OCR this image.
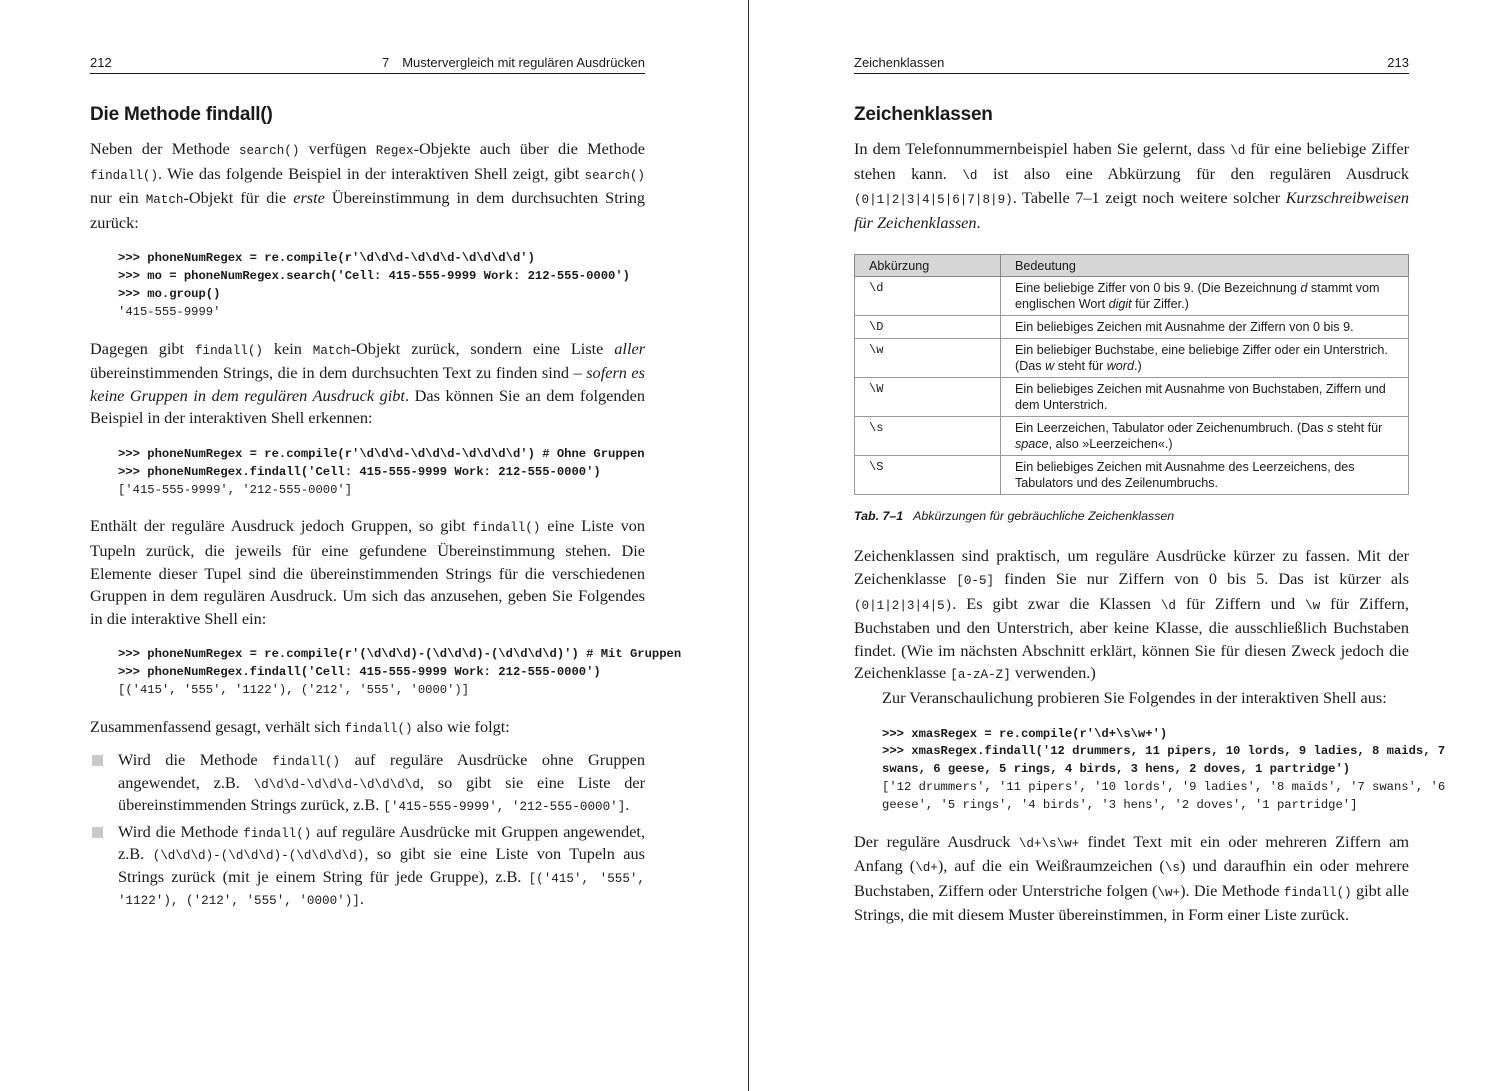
212	7 Mustervergleich mit regulären Ausdrücken
Die Methode findall()

Neben der Methode search() verfügen Regex-Objekte auch über die Methode findall(). Wie das folgende Beispiel in der interaktiven Shell zeigt, gibt search() nur ein Match-Objekt für die erste Übereinstimmung in dem durchsuchten String zurück:

>>> phoneNumRegex = re.compile(r'\d\d\d-\d\d\d-\d\d\d\d')
>>> mo = phoneNumRegex.search('Cell: 415-555-9999 Work: 212-555-0000')
>>> mo.group()
'415-555-9999'

Dagegen gibt findall() kein Match-Objekt zurück, sondern eine Liste aller übereinstimmenden Strings, die in dem durchsuchten Text zu finden sind – sofern es keine Gruppen in dem regulären Ausdruck gibt. Das können Sie an dem folgenden Beispiel in der interaktiven Shell erkennen:

>>> phoneNumRegex = re.compile(r'\d\d\d-\d\d\d-\d\d\d\d') # Ohne Gruppen
>>> phoneNumRegex.findall('Cell: 415-555-9999 Work: 212-555-0000')
['415-555-9999', '212-555-0000']

Enthält der reguläre Ausdruck jedoch Gruppen, so gibt findall() eine Liste von Tupeln zurück, die jeweils für eine gefundene Übereinstimmung stehen. Die Elemente dieser Tupel sind die übereinstimmenden Strings für die verschiedenen Gruppen in dem regulären Ausdruck. Um sich das anzusehen, geben Sie Folgendes in die interaktive Shell ein:

>>> phoneNumRegex = re.compile(r'(\d\d\d)-(\d\d\d)-(\d\d\d\d)') # Mit Gruppen
>>> phoneNumRegex.findall('Cell: 415-555-9999 Work: 212-555-0000')
[('415', '555', '1122'), ('212', '555', '0000')]

Zusammenfassend gesagt, verhält sich findall() also wie folgt:

Wird die Methode findall() auf reguläre Ausdrücke ohne Gruppen angewendet, z.B. \d\d\d-\d\d\d-\d\d\d\d, so gibt sie eine Liste der übereinstimmenden Strings zurück, z.B. ['415-555-9999', '212-555-0000'].
Wird die Methode findall() auf reguläre Ausdrücke mit Gruppen angewendet, z.B. (\d\d\d)-(\d\d\d)-(\d\d\d\d), so gibt sie eine Liste von Tupeln aus Strings zurück (mit je einem String für jede Gruppe), z.B. [('415', '555', '1122'), ('212', '555', '0000')].
Zeichenklassen	213
Zeichenklassen

In dem Telefonnummernbeispiel haben Sie gelernt, dass \d für eine beliebige Ziffer stehen kann. \d ist also eine Abkürzung für den regulären Ausdruck (0|1|2|3|4|5|6|7|8|9). Tabelle 7–1 zeigt noch weitere solcher Kurzschreibweisen für Zeichenklassen.

Abkürzung	Bedeutung
\d	Eine beliebige Ziffer von 0 bis 9. (Die Bezeichnung d stammt vom englischen Wort digit für Ziffer.)
\D	Ein beliebiges Zeichen mit Ausnahme der Ziffern von 0 bis 9.
\w	Ein beliebiger Buchstabe, eine beliebige Ziffer oder ein Unterstrich. (Das w steht für word.)
\W	Ein beliebiges Zeichen mit Ausnahme von Buchstaben, Ziffern und dem Unterstrich.
\s	Ein Leerzeichen, Tabulator oder Zeichenumbruch. (Das s steht für space, also »Leerzeichen«.)
\S	Ein beliebiges Zeichen mit Ausnahme des Leerzeichens, des Tabulators und des Zeilenumbruchs.
Tab. 7–1 Abkürzungen für gebräuchliche Zeichenklassen

Zeichenklassen sind praktisch, um reguläre Ausdrücke kürzer zu fassen. Mit der Zeichenklasse [0-5] finden Sie nur Ziffern von 0 bis 5. Das ist kürzer als (0|1|2|3|4|5). Es gibt zwar die Klassen \d für Ziffern und \w für Ziffern, Buchstaben und den Unterstrich, aber keine Klasse, die ausschließlich Buchstaben findet. (Wie im nächsten Abschnitt erklärt, können Sie für diesen Zweck jedoch die Zeichenklasse [a-zA-Z] verwenden.)

Zur Veranschaulichung probieren Sie Folgendes in der interaktiven Shell aus:

>>> xmasRegex = re.compile(r'\d+\s\w+')
>>> xmasRegex.findall('12 drummers, 11 pipers, 10 lords, 9 ladies, 8 maids, 7
swans, 6 geese, 5 rings, 4 birds, 3 hens, 2 doves, 1 partridge')
['12 drummers', '11 pipers', '10 lords', '9 ladies', '8 maids', '7 swans', '6
geese', '5 rings', '4 birds', '3 hens', '2 doves', '1 partridge']

Der reguläre Ausdruck \d+\s\w+ findet Text mit ein oder mehreren Ziffern am Anfang (\d+), auf die ein Weißraumzeichen (\s) und daraufhin ein oder mehrere Buchstaben, Ziffern oder Unterstriche folgen (\w+). Die Methode findall() gibt alle Strings, die mit diesem Muster übereinstimmen, in Form einer Liste zurück.
